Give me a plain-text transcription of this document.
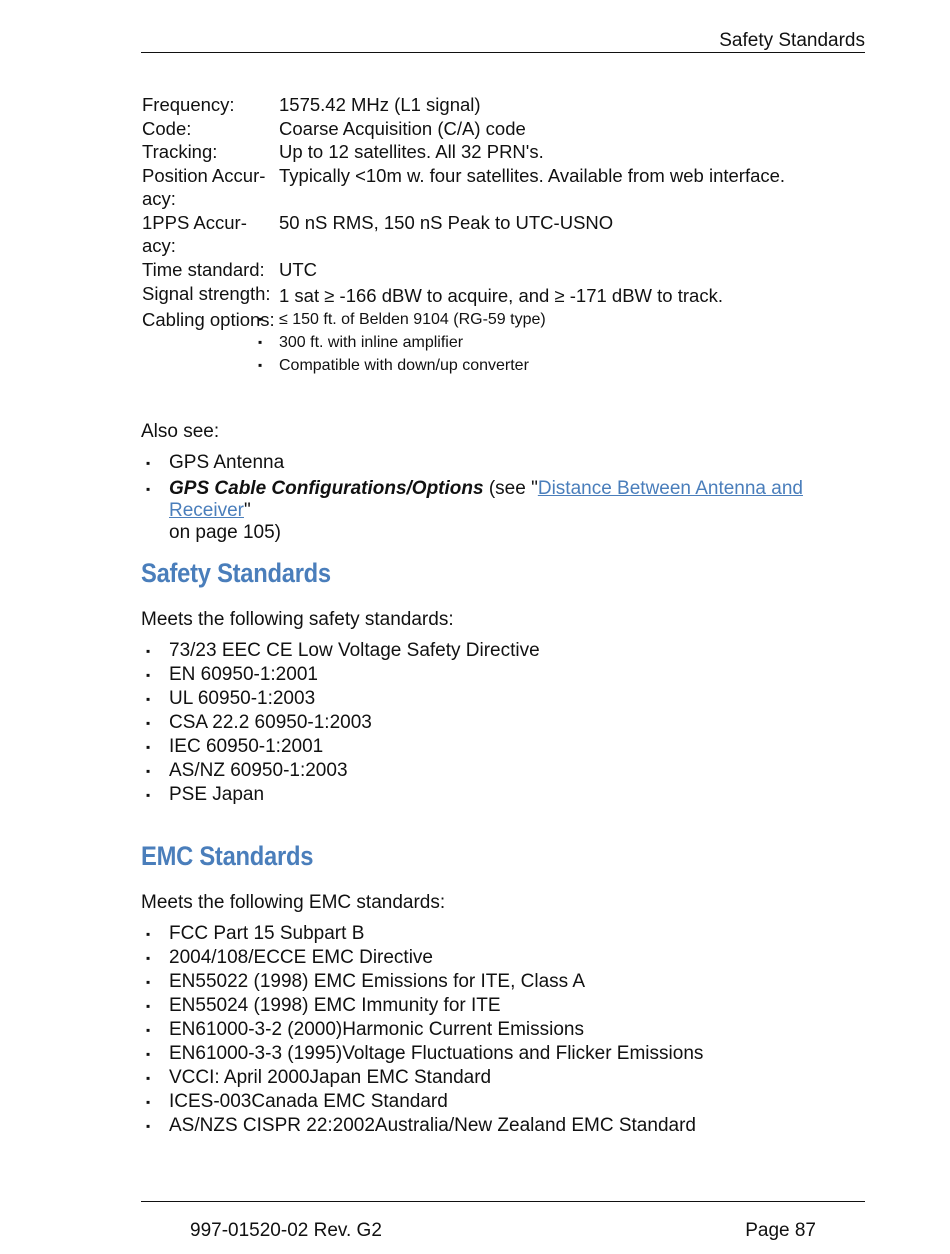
Safety Standards
Frequency:	1575.42 MHz (L1 signal)
Code:	Coarse Acquisition (C/A) code
Tracking:	Up to 12 satellites. All 32 PRN's.
Position Accur-
acy:
Typically <10m w. four satellites. Available from web interface.
1PPS Accur-
acy:
50 nS RMS, 150 nS Peak to UTC-USNO
Time standard: UTC
Signal strength: 1 sat ≥ -166 dBW to acquire, and ≥ -171 dBW to track.
Cabling options:
▪ ≤ 150 ft. of Belden 9104 (RG-59 type)
▪ 300 ft. with inline amplifier
▪ Compatible with down/up converter
Also see:
▪ GPS Antenna
▪ GPS Cable Configurations/Options (see "Distance Between Antenna and Receiver"
on page 105)
Safety Standards
Meets the following safety standards:
▪ 73/23 EEC CE Low Voltage Safety Directive
▪ EN 60950-1:2001
▪ UL 60950-1:2003
▪ CSA 22.2 60950-1:2003
▪ IEC 60950-1:2001
▪ AS/NZ 60950-1:2003
▪ PSE Japan
EMC Standards
Meets the following EMC standards:
▪ FCC Part 15 Subpart B
▪ 2004/108/ECCE EMC Directive
▪ EN55022 (1998) EMC Emissions for ITE, Class A
▪ EN55024 (1998) EMC Immunity for ITE
▪ EN61000-3-2 (2000)Harmonic Current Emissions
▪ EN61000-3-3 (1995)Voltage Fluctuations and Flicker Emissions
▪ VCCI: April 2000Japan EMC Standard
▪ ICES-003Canada EMC Standard
▪ AS/NZS CISPR 22:2002Australia/New Zealand EMC Standard
997-01520-02 Rev. G2	Page 87
